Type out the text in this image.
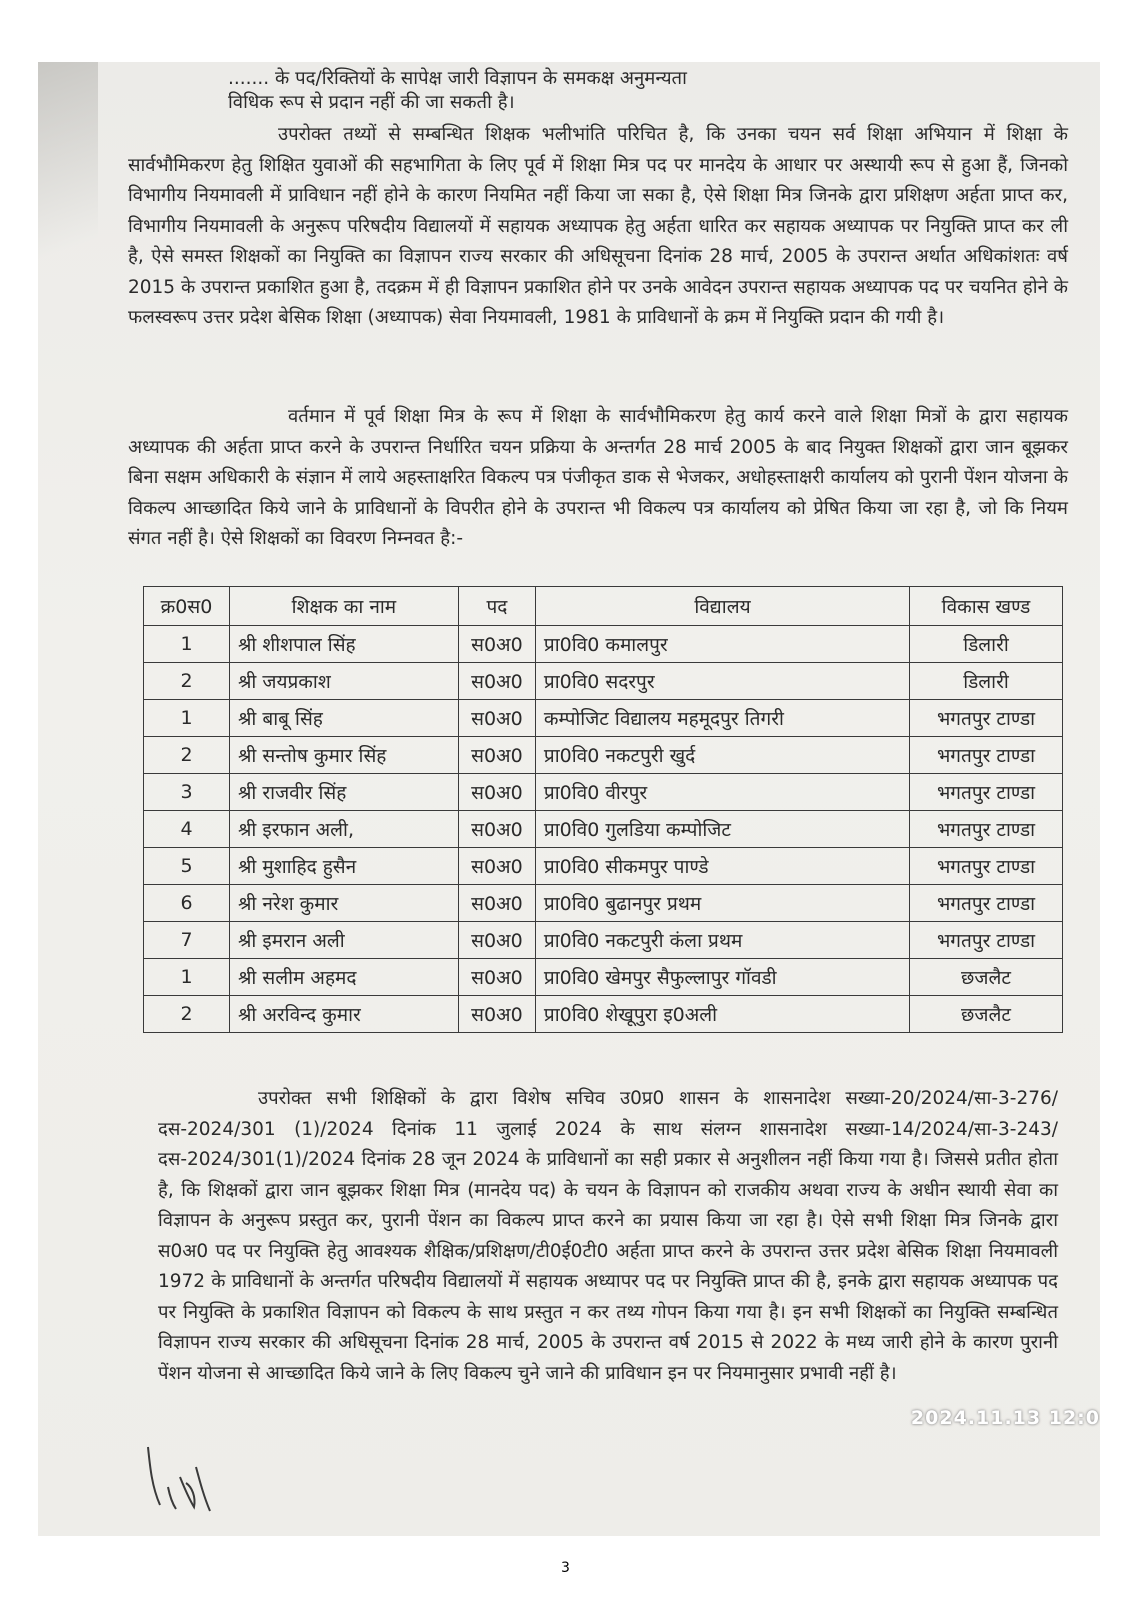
....... के पद/रिक्तियों के सापेक्ष जारी विज्ञापन के समकक्ष अनुमन्यता
विधिक रूप से प्रदान नहीं की जा सकती है।
उपरोक्त तथ्यों से सम्बन्धित शिक्षक भलीभांति परिचित है, कि उनका चयन सर्व शिक्षा अभियान में शिक्षा के सार्वभौमिकरण हेतु शिक्षित युवाओं की सहभागिता के लिए पूर्व में शिक्षा मित्र पद पर मानदेय के आधार पर अस्थायी रूप से हुआ हैं, जिनको विभागीय नियमावली में प्राविधान नहीं होने के कारण नियमित नहीं किया जा सका है, ऐसे शिक्षा मित्र जिनके द्वारा प्रशिक्षण अर्हता प्राप्त कर, विभागीय नियमावली के अनुरूप परिषदीय विद्यालयों में सहायक अध्यापक हेतु अर्हता धारित कर सहायक अध्यापक पर नियुक्ति प्राप्त कर ली है, ऐसे समस्त शिक्षकों का नियुक्ति का विज्ञापन राज्य सरकार की अधिसूचना दिनांक 28 मार्च, 2005 के उपरान्त अर्थात अधिकांशतः वर्ष 2015 के उपरान्त प्रकाशित हुआ है, तदक्रम में ही विज्ञापन प्रकाशित होने पर उनके आवेदन उपरान्त सहायक अध्यापक पद पर चयनित होने के फलस्वरूप उत्तर प्रदेश बेसिक शिक्षा (अध्यापक) सेवा नियमावली, 1981 के प्राविधानों के क्रम में नियुक्ति प्रदान की गयी है।
वर्तमान में पूर्व शिक्षा मित्र के रूप में शिक्षा के सार्वभौमिकरण हेतु कार्य करने वाले शिक्षा मित्रों के द्वारा सहायक अध्यापक की अर्हता प्राप्त करने के उपरान्त निर्धारित चयन प्रक्रिया के अन्तर्गत 28 मार्च 2005 के बाद नियुक्त शिक्षकों द्वारा जान बूझकर बिना सक्षम अधिकारी के संज्ञान में लाये अहस्ताक्षरित विकल्प पत्र पंजीकृत डाक से भेजकर, अधोहस्ताक्षरी कार्यालय को पुरानी पेंशन योजना के विकल्प आच्छादित किये जाने के प्राविधानों के विपरीत होने के उपरान्त भी विकल्प पत्र कार्यालय को प्रेषित किया जा रहा है, जो कि नियम संगत नहीं है। ऐसे शिक्षकों का विवरण निम्नवत है:-
क्र0स0	शिक्षक का नाम	पद	विद्यालय	विकास खण्ड
1	श्री शीशपाल सिंह	स0अ0	प्रा0वि0 कमालपुर	डिलारी
2	श्री जयप्रकाश	स0अ0	प्रा0वि0 सदरपुर	डिलारी
1	श्री बाबू सिंह	स0अ0	कम्पोजिट विद्यालय महमूदपुर तिगरी	भगतपुर टाण्डा
2	श्री सन्तोष कुमार सिंह	स0अ0	प्रा0वि0 नकटपुरी खुर्द	भगतपुर टाण्डा
3	श्री राजवीर सिंह	स0अ0	प्रा0वि0 वीरपुर	भगतपुर टाण्डा
4	श्री इरफान अली,	स0अ0	प्रा0वि0 गुलडिया कम्पोजिट	भगतपुर टाण्डा
5	श्री मुशाहिद हुसैन	स0अ0	प्रा0वि0 सीकमपुर पाण्डे	भगतपुर टाण्डा
6	श्री नरेश कुमार	स0अ0	प्रा0वि0 बुढानपुर प्रथम	भगतपुर टाण्डा
7	श्री इमरान अली	स0अ0	प्रा0वि0 नकटपुरी कंला प्रथम	भगतपुर टाण्डा
1	श्री सलीम अहमद	स0अ0	प्रा0वि0 खेमपुर सैफुल्लापुर गॉवडी	छजलैट
2	श्री अरविन्द कुमार	स0अ0	प्रा0वि0 शेखूपुरा इ0अली	छजलैट
उपरोक्त सभी शिक्षिकों के द्वारा विशेष सचिव उ0प्र0 शासन के शासनादेश सख्या-20/2024/सा-3-276/दस-2024/301 (1)/2024 दिनांक 11 जुलाई 2024 के साथ संलग्न शासनादेश सख्या-14/2024/सा-3-243/दस-2024/301(1)/2024 दिनांक 28 जून 2024 के प्राविधानों का सही प्रकार से अनुशीलन नहीं किया गया है। जिससे प्रतीत होता है, कि शिक्षकों द्वारा जान बूझकर शिक्षा मित्र (मानदेय पद) के चयन के विज्ञापन को राजकीय अथवा राज्य के अधीन स्थायी सेवा का विज्ञापन के अनुरूप प्रस्तुत कर, पुरानी पेंशन का विकल्प प्राप्त करने का प्रयास किया जा रहा है। ऐसे सभी शिक्षा मित्र जिनके द्वारा स0अ0 पद पर नियुक्ति हेतु आवश्यक शैक्षिक/प्रशिक्षण/टी0ई0टी0 अर्हता प्राप्त करने के उपरान्त उत्तर प्रदेश बेसिक शिक्षा नियमावली 1972 के प्राविधानों के अन्तर्गत परिषदीय विद्यालयों में सहायक अध्यापर पद पर नियुक्ति प्राप्त की है, इनके द्वारा सहायक अध्यापक पद पर नियुक्ति के प्रकाशित विज्ञापन को विकल्प के साथ प्रस्तुत न कर तथ्य गोपन किया गया है। इन सभी शिक्षकों का नियुक्ति सम्बन्धित विज्ञापन राज्य सरकार की अधिसूचना दिनांक 28 मार्च, 2005 के उपरान्त वर्ष 2015 से 2022 के मध्य जारी होने के कारण पुरानी पेंशन योजना से आच्छादित किये जाने के लिए विकल्प चुने जाने की प्राविधान इन पर नियमानुसार प्रभावी नहीं है।
2024.11.13 12:0
3
